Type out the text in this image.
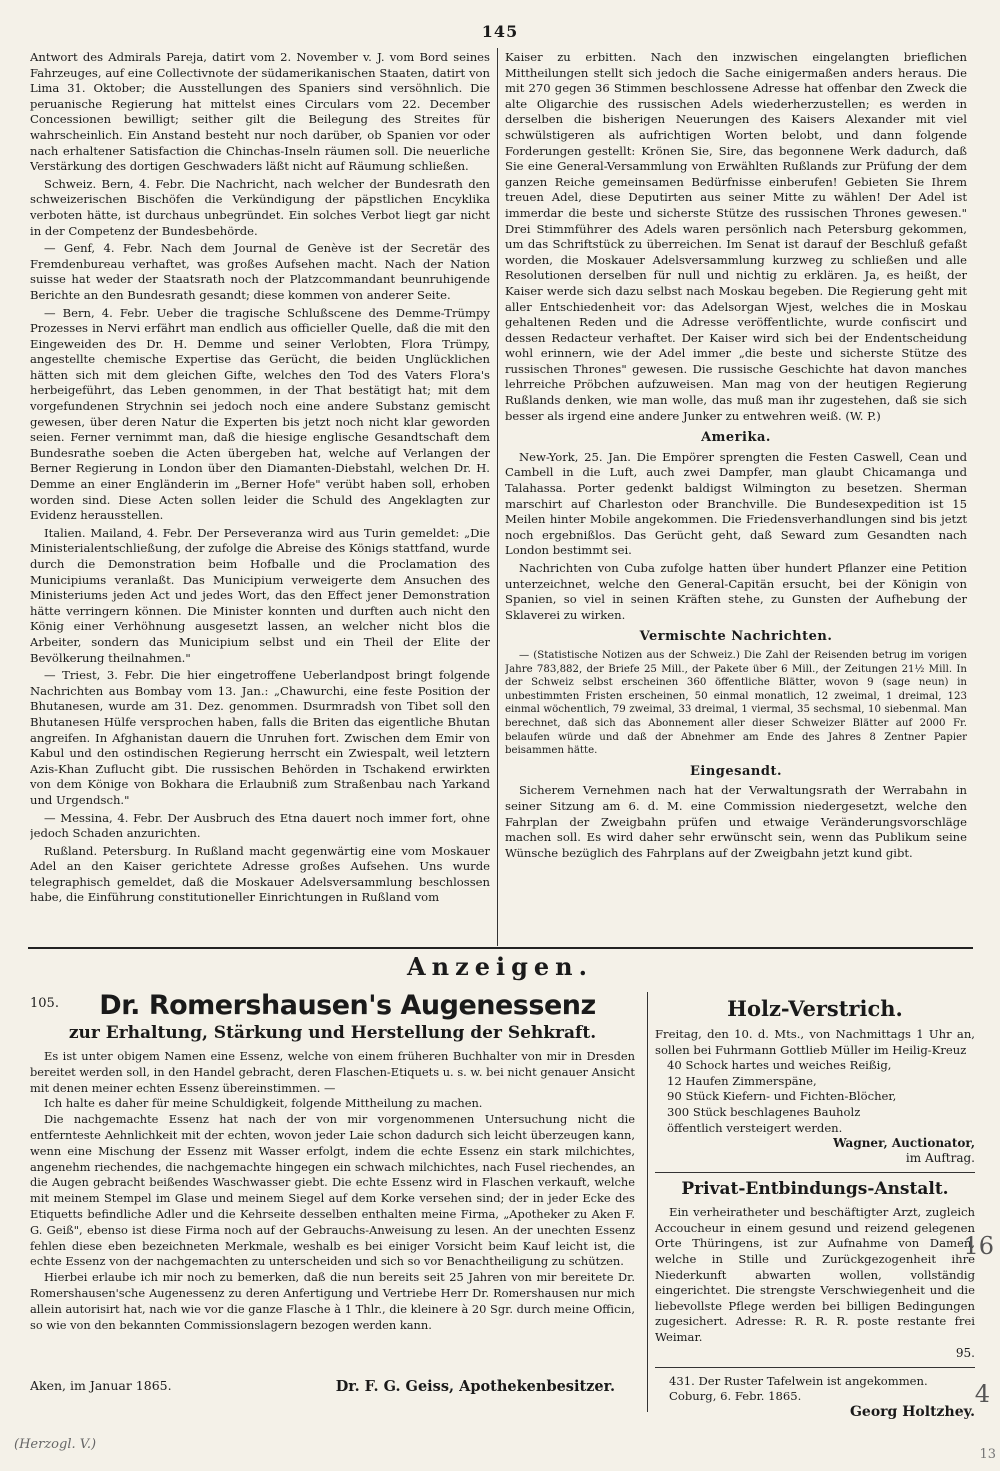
145

Antwort des Admirals Pareja, datirt vom 2. November v. J. vom Bord seines Fahrzeuges, auf eine Collectivnote der südamerikanischen Staaten, datirt von Lima 31. Oktober; die Ausstellungen des Spaniers sind versöhnlich. Die peruanische Regierung hat mittelst eines Circulars vom 22. December Concessionen bewilligt; seither gilt die Beilegung des Streites für wahrscheinlich. Ein Anstand besteht nur noch darüber, ob Spanien vor oder nach erhaltener Satisfaction die Chinchas-Inseln räumen soll. Die neuerliche Verstärkung des dortigen Geschwaders läßt nicht auf Räumung schließen.

Schweiz. Bern, 4. Febr. Die Nachricht, nach welcher der Bundesrath den schweizerischen Bischöfen die Verkündigung der päpstlichen Encyklika verboten hätte, ist durchaus unbegründet. Ein solches Verbot liegt gar nicht in der Competenz der Bundesbehörde.

— Genf, 4. Febr. Nach dem Journal de Genève ist der Secretär des Fremdenbureau verhaftet, was großes Aufsehen macht. Nach der Nation suisse hat weder der Staatsrath noch der Platzcommandant beunruhigende Berichte an den Bundesrath gesandt; diese kommen von anderer Seite.

— Bern, 4. Febr. Ueber die tragische Schlußscene des Demme-Trümpy Prozesses in Nervi erfährt man endlich aus officieller Quelle, daß die mit den Eingeweiden des Dr. H. Demme und seiner Verlobten, Flora Trümpy, angestellte chemische Expertise das Gerücht, die beiden Unglücklichen hätten sich mit dem gleichen Gifte, welches den Tod des Vaters Flora's herbeigeführt, das Leben genommen, in der That bestätigt hat; mit dem vorgefundenen Strychnin sei jedoch noch eine andere Substanz gemischt gewesen, über deren Natur die Experten bis jetzt noch nicht klar geworden seien. Ferner vernimmt man, daß die hiesige englische Gesandtschaft dem Bundesrathe soeben die Acten übergeben hat, welche auf Verlangen der Berner Regierung in London über den Diamanten-Diebstahl, welchen Dr. H. Demme an einer Engländerin im „Berner Hofe" verübt haben soll, erhoben worden sind. Diese Acten sollen leider die Schuld des Angeklagten zur Evidenz herausstellen.

Italien. Mailand, 4. Febr. Der Perseveranza wird aus Turin gemeldet: „Die Ministerialentschließung, der zufolge die Abreise des Königs stattfand, wurde durch die Demonstration beim Hofballe und die Proclamation des Municipiums veranlaßt. Das Municipium verweigerte dem Ansuchen des Ministeriums jeden Act und jedes Wort, das den Effect jener Demonstration hätte verringern können. Die Minister konnten und durften auch nicht den König einer Verhöhnung ausgesetzt lassen, an welcher nicht blos die Arbeiter, sondern das Municipium selbst und ein Theil der Elite der Bevölkerung theilnahmen."

— Triest, 3. Febr. Die hier eingetroffene Ueberlandpost bringt folgende Nachrichten aus Bombay vom 13. Jan.: „Chawurchi, eine feste Position der Bhutanesen, wurde am 31. Dez. genommen. Dsurmradsh von Tibet soll den Bhutanesen Hülfe versprochen haben, falls die Briten das eigentliche Bhutan angreifen. In Afghanistan dauern die Unruhen fort. Zwischen dem Emir von Kabul und den ostindischen Regierung herrscht ein Zwiespalt, weil letztern Azis-Khan Zuflucht gibt. Die russischen Behörden in Tschakend erwirkten von dem Könige von Bokhara die Erlaubniß zum Straßenbau nach Yarkand und Urgendsch."

— Messina, 4. Febr. Der Ausbruch des Etna dauert noch immer fort, ohne jedoch Schaden anzurichten.

Rußland. Petersburg. In Rußland macht gegenwärtig eine vom Moskauer Adel an den Kaiser gerichtete Adresse großes Aufsehen. Uns wurde telegraphisch gemeldet, daß die Moskauer Adelsversammlung beschlossen habe, die Einführung constitutioneller Einrichtungen in Rußland vom

Kaiser zu erbitten. Nach den inzwischen eingelangten brieflichen Mittheilungen stellt sich jedoch die Sache einigermaßen anders heraus. Die mit 270 gegen 36 Stimmen beschlossene Adresse hat offenbar den Zweck die alte Oligarchie des russischen Adels wiederherzustellen; es werden in derselben die bisherigen Neuerungen des Kaisers Alexander mit viel schwülstigeren als aufrichtigen Worten belobt, und dann folgende Forderungen gestellt: Krönen Sie, Sire, das begonnene Werk dadurch, daß Sie eine General-Versammlung von Erwählten Rußlands zur Prüfung der dem ganzen Reiche gemeinsamen Bedürfnisse einberufen! Gebieten Sie Ihrem treuen Adel, diese Deputirten aus seiner Mitte zu wählen! Der Adel ist immerdar die beste und sicherste Stütze des russischen Thrones gewesen." Drei Stimmführer des Adels waren persönlich nach Petersburg gekommen, um das Schriftstück zu überreichen. Im Senat ist darauf der Beschluß gefaßt worden, die Moskauer Adelsversammlung kurzweg zu schließen und alle Resolutionen derselben für null und nichtig zu erklären. Ja, es heißt, der Kaiser werde sich dazu selbst nach Moskau begeben. Die Regierung geht mit aller Entschiedenheit vor: das Adelsorgan Wjest, welches die in Moskau gehaltenen Reden und die Adresse veröffentlichte, wurde confiscirt und dessen Redacteur verhaftet. Der Kaiser wird sich bei der Endentscheidung wohl erinnern, wie der Adel immer „die beste und sicherste Stütze des russischen Thrones" gewesen. Die russische Geschichte hat davon manches lehrreiche Pröbchen aufzuweisen. Man mag von der heutigen Regierung Rußlands denken, wie man wolle, das muß man ihr zugestehen, daß sie sich besser als irgend eine andere Junker zu entwehren weiß. (W. P.)

Amerika.

New-York, 25. Jan. Die Empörer sprengten die Festen Caswell, Cean und Cambell in die Luft, auch zwei Dampfer, man glaubt Chicamanga und Talahassa. Porter gedenkt baldigst Wilmington zu besetzen. Sherman marschirt auf Charleston oder Branchville. Die Bundesexpedition ist 15 Meilen hinter Mobile angekommen. Die Friedensverhandlungen sind bis jetzt noch ergebnißlos. Das Gerücht geht, daß Seward zum Gesandten nach London bestimmt sei.

Nachrichten von Cuba zufolge hatten über hundert Pflanzer eine Petition unterzeichnet, welche den General-Capitän ersucht, bei der Königin von Spanien, so viel in seinen Kräften stehe, zu Gunsten der Aufhebung der Sklaverei zu wirken.

Vermischte Nachrichten.

— (Statistische Notizen aus der Schweiz.) Die Zahl der Reisenden betrug im vorigen Jahre 783,882, der Briefe 25 Mill., der Pakete über 6 Mill., der Zeitungen 21½ Mill. In der Schweiz selbst erscheinen 360 öffentliche Blätter, wovon 9 (sage neun) in unbestimmten Fristen erscheinen, 50 einmal monatlich, 12 zweimal, 1 dreimal, 123 einmal wöchentlich, 79 zweimal, 33 dreimal, 1 viermal, 35 sechsmal, 10 siebenmal. Man berechnet, daß sich das Abonnement aller dieser Schweizer Blätter auf 2000 Fr. belaufen würde und daß der Abnehmer am Ende des Jahres 8 Zentner Papier beisammen hätte.

Eingesandt.

Sicherem Vernehmen nach hat der Verwaltungsrath der Werrabahn in seiner Sitzung am 6. d. M. eine Commission niedergesetzt, welche den Fahrplan der Zweigbahn prüfen und etwaige Veränderungsvorschläge machen soll. Es wird daher sehr erwünscht sein, wenn das Publikum seine Wünsche bezüglich des Fahrplans auf der Zweigbahn jetzt kund gibt.

Anzeigen.
105.	Dr. Romershausen's Augenessenz
zur Erhaltung, Stärkung und Herstellung der Sehkraft.

Es ist unter obigem Namen eine Essenz, welche von einem früheren Buchhalter von mir in Dresden bereitet werden soll, in den Handel gebracht, deren Flaschen-Etiquets u. s. w. bei nicht genauer Ansicht mit denen meiner echten Essenz übereinstimmen. —

Ich halte es daher für meine Schuldigkeit, folgende Mittheilung zu machen.

Die nachgemachte Essenz hat nach der von mir vorgenommenen Untersuchung nicht die entfernteste Aehnlichkeit mit der echten, wovon jeder Laie schon dadurch sich leicht überzeugen kann, wenn eine Mischung der Essenz mit Wasser erfolgt, indem die echte Essenz ein stark milchichtes, angenehm riechendes, die nachgemachte hingegen ein schwach milchichtes, nach Fusel riechendes, an die Augen gebracht beißendes Waschwasser giebt. Die echte Essenz wird in Flaschen verkauft, welche mit meinem Stempel im Glase und meinem Siegel auf dem Korke versehen sind; der in jeder Ecke des Etiquetts befindliche Adler und die Kehrseite desselben enthalten meine Firma, „Apotheker zu Aken F. G. Geiß", ebenso ist diese Firma noch auf der Gebrauchs-Anweisung zu lesen. An der unechten Essenz fehlen diese eben bezeichneten Merkmale, weshalb es bei einiger Vorsicht beim Kauf leicht ist, die echte Essenz von der nachgemachten zu unterscheiden und sich so vor Benachtheiligung zu schützen.

Hierbei erlaube ich mir noch zu bemerken, daß die nun bereits seit 25 Jahren von mir bereitete Dr. Romershausen'sche Augenessenz zu deren Anfertigung und Vertriebe Herr Dr. Romershausen nur mich allein autorisirt hat, nach wie vor die ganze Flasche à 1 Thlr., die kleinere à 20 Sgr. durch meine Officin, so wie von den bekannten Commissionslagern bezogen werden kann.

Aken, im Januar 1865.	Dr. F. G. Geiss, Apothekenbesitzer.
Holz-Verstrich.

Freitag, den 10. d. Mts., von Nachmittags 1 Uhr an, sollen bei Fuhrmann Gottlieb Müller im Heilig-Kreuz

40 Schock hartes und weiches Reißig,

12 Haufen Zimmerspäne,

90 Stück Kiefern- und Fichten-Blöcher,

300 Stück beschlagenes Bauholz

öffentlich versteigert werden.

Wagner, Auctionator,
im Auftrag.
Privat-Entbindungs-Anstalt.

Ein verheiratheter und beschäftigter Arzt, zugleich Accoucheur in einem gesund und reizend gelegenen Orte Thüringens, ist zur Aufnahme von Damen, welche in Stille und Zurückgezogenheit ihre Niederkunft abwarten wollen, vollständig eingerichtet. Die strengste Verschwiegenheit und die liebevollste Pflege werden bei billigen Bedingungen zugesichert. Adresse: R. R. R. poste restante frei Weimar.

95.

431. Der Ruster Tafelwein ist angekommen.

Coburg, 6. Febr. 1865.

Georg Holtzhey.
(Herzogl. V.)
16
4
13
